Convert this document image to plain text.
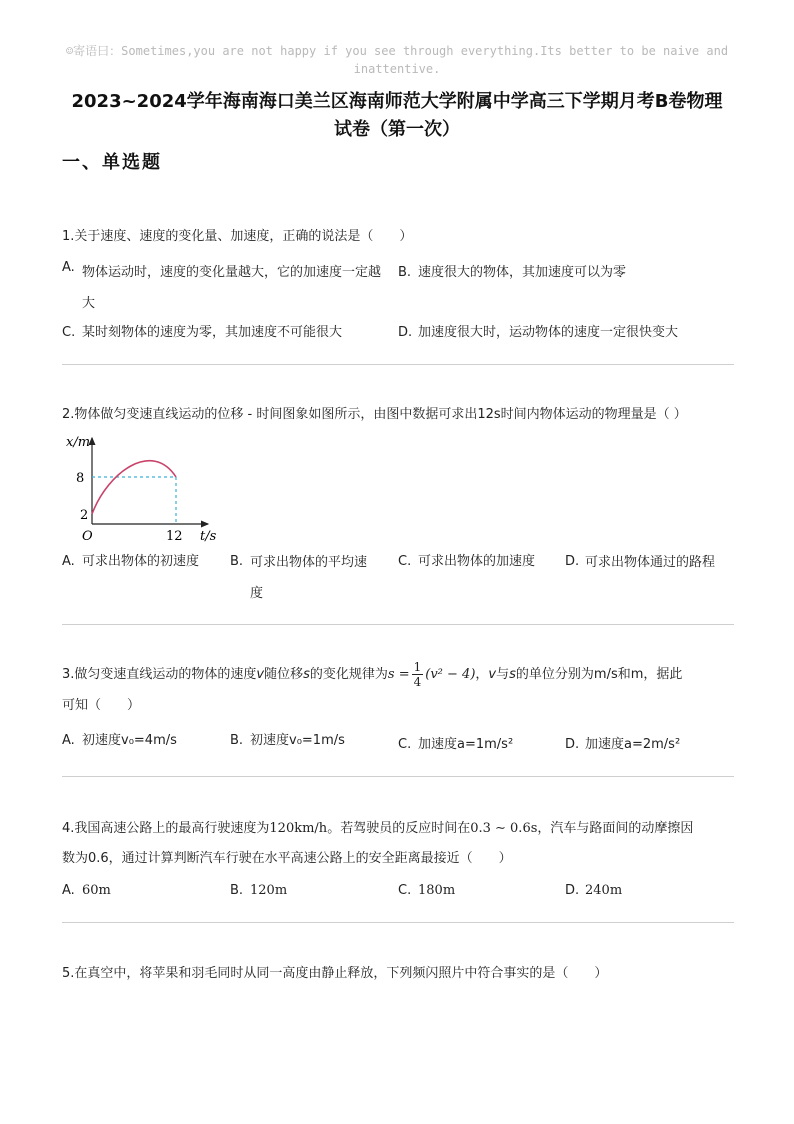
☺寄语曰：Sometimes,you are not happy if you see through everything.Its better to be naive and inattentive.
2023~2024学年海南海口美兰区海南师范大学附属中学高三下学期月考B卷物理
试卷（第一次）
一、单选题

1.关于速度、速度的变化量、加速度，正确的说法是（　　）

A. 物体运动时，速度的变化量越大，它的加速度一定越大
B. 速度很大的物体，其加速度可以为零
C. 某时刻物体的速度为零，其加速度不可能很大	D. 加速度很大时，运动物体的速度一定很快变大

2.物体做匀变速直线运动的位移 - 时间图象如图所示，由图中数据可求出12s时间内物体运动的物理量是（ ）

x/m
8
2
O	12 t/s
A. 可求出物体的初速度	B. 可求出物体的平均速度
C. 可求出物体的加速度	D. 可求出物体通过的路程

3.做匀变速直线运动的物体的速度v随位移s的变化规律为$s = \frac{1}{4} (v^2 - 4)$，v与s的单位分别为m/s和m，据此

可知（　　）

A. 初速度v₀=4m/s	B. 初速度v₀=1m/s	C. 加速度a=1m/s²	D. 加速度a=2m/s²

4.我国高速公路上的最高行驶速度为120km/h。若驾驶员的反应时间在0.3 ∼ 0.6s，汽车与路面间的动摩擦因

数为0.6，通过计算判断汽车行驶在水平高速公路上的安全距离最接近（　　）

A. 60m	B. 120m	C. 180m	D. 240m

5.在真空中，将苹果和羽毛同时从同一高度由静止释放，下列频闪照片中符合事实的是（　　）
